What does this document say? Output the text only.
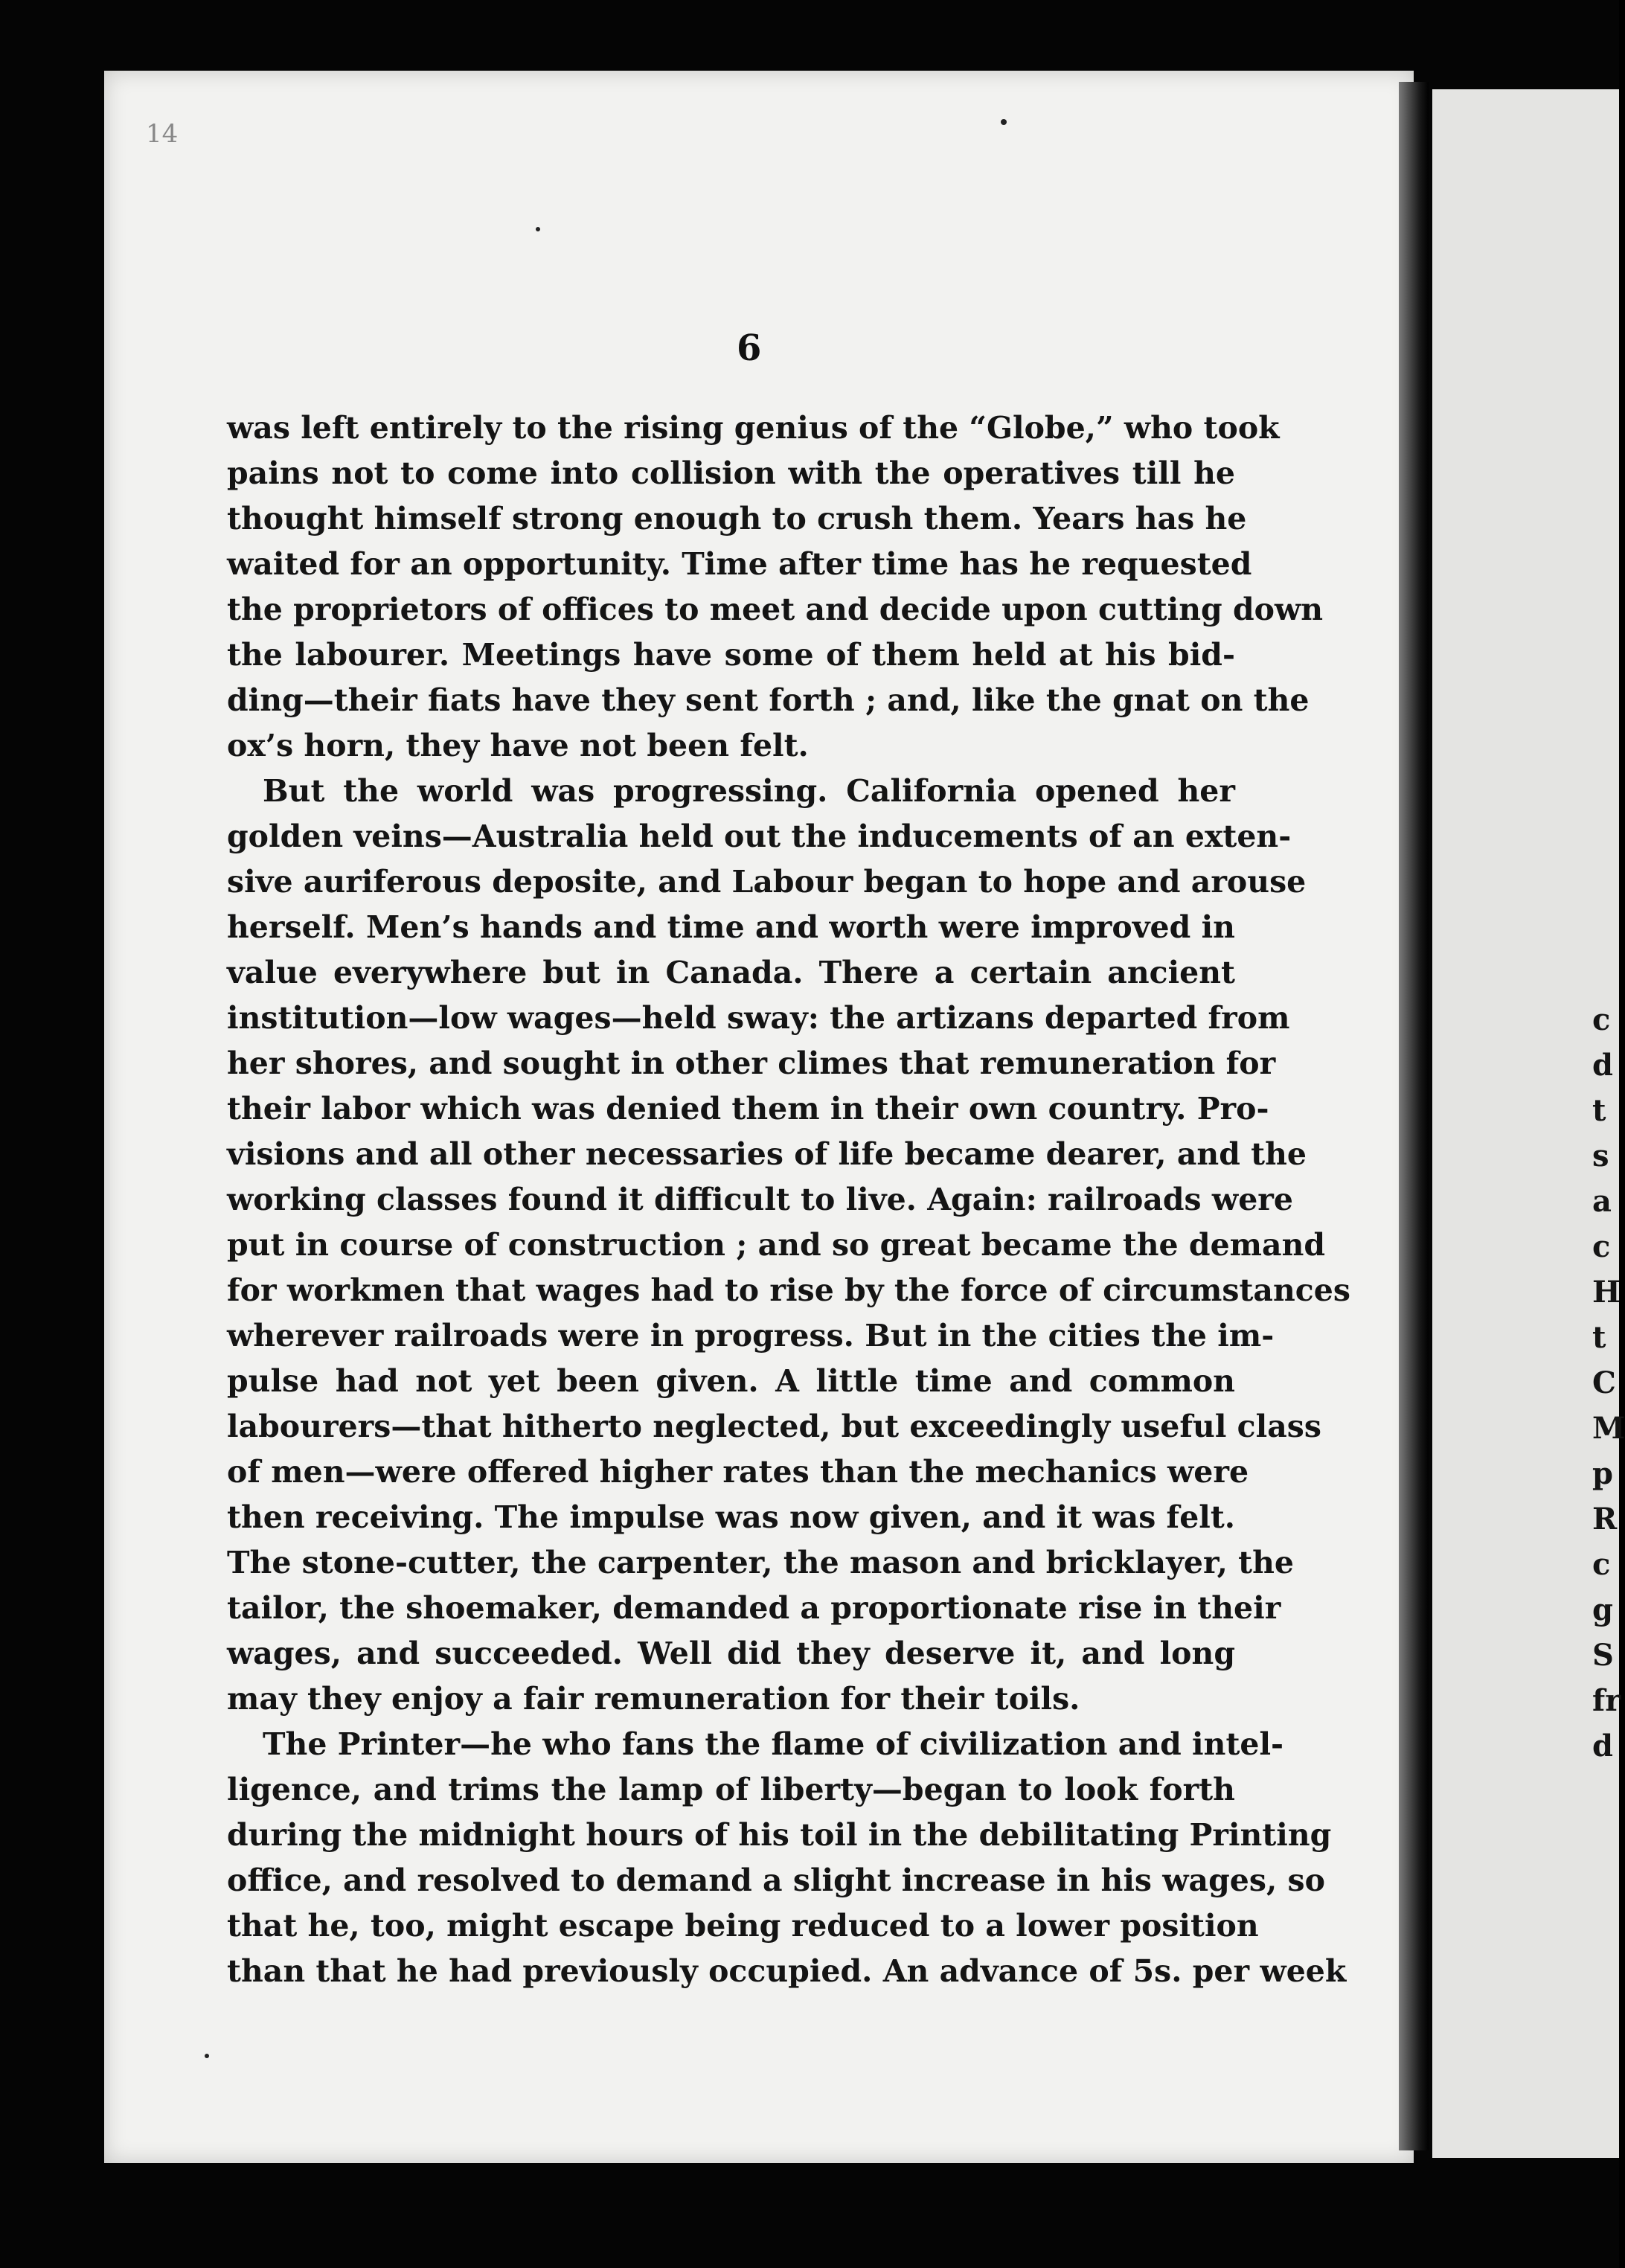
14
6
was left entirely to the rising genius of the “Globe,” who took
pains not to come into collision with the operatives till he
thought himself strong enough to crush them. Years has he
waited for an opportunity. Time after time has he requested
the proprietors of offices to meet and decide upon cutting down
the labourer. Meetings have some of them held at his bid-
ding—their fiats have they sent forth ; and, like the gnat on the
ox’s horn, they have not been felt.
But the world was progressing. California opened her
golden veins—Australia held out the inducements of an exten-
sive auriferous deposite, and Labour began to hope and arouse
herself. Men’s hands and time and worth were improved in
value everywhere but in Canada. There a certain ancient
institution—low wages—held sway: the artizans departed from
her shores, and sought in other climes that remuneration for
their labor which was denied them in their own country. Pro-
visions and all other necessaries of life became dearer, and the
working classes found it difficult to live. Again: railroads were
put in course of construction ; and so great became the demand
for workmen that wages had to rise by the force of circumstances
wherever railroads were in progress. But in the cities the im-
pulse had not yet been given. A little time and common
labourers—that hitherto neglected, but exceedingly useful class
of men—were offered higher rates than the mechanics were
then receiving. The impulse was now given, and it was felt.
The stone-cutter, the carpenter, the mason and bricklayer, the
tailor, the shoemaker, demanded a proportionate rise in their
wages, and succeeded. Well did they deserve it, and long
may they enjoy a fair remuneration for their toils.
The Printer—he who fans the flame of civilization and intel-
ligence, and trims the lamp of liberty—began to look forth
during the midnight hours of his toil in the debilitating Printing
office, and resolved to demand a slight increase in his wages, so
that he, too, might escape being reduced to a lower position
than that he had previously occupied. An advance of 5s. per week
c
d
t
s
a
c
H
t
C
M
p
R
c
g
S
fr
d
